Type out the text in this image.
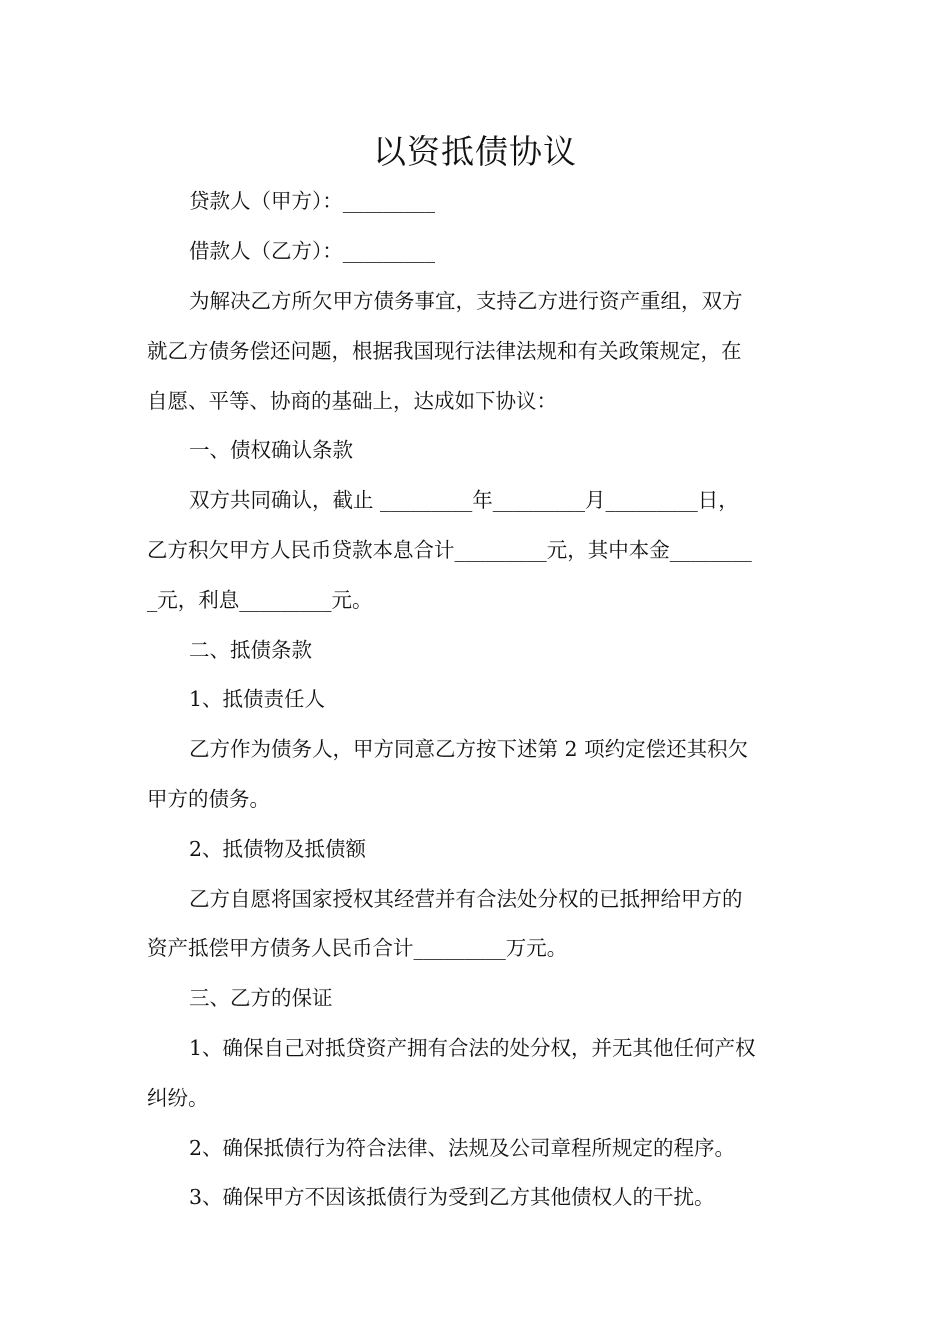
以资抵债协议

贷款人（甲方）：_________

借款人（乙方）：_________

为解决乙方所欠甲方债务事宜，支持乙方进行资产重组，双方

就乙方债务偿还问题，根据我国现行法律法规和有关政策规定，在

自愿、平等、协商的基础上，达成如下协议：

一、债权确认条款

双方共同确认，截止 _________年_________月_________日，

乙方积欠甲方人民币贷款本息合计_________元，其中本金________

_元，利息_________元。

二、抵债条款

1、抵债责任人

乙方作为债务人，甲方同意乙方按下述第 2 项约定偿还其积欠

甲方的债务。

2、抵债物及抵债额

乙方自愿将国家授权其经营并有合法处分权的已抵押给甲方的

资产抵偿甲方债务人民币合计_________万元。

三、乙方的保证

1、确保自己对抵贷资产拥有合法的处分权，并无其他任何产权

纠纷。

2、确保抵债行为符合法律、法规及公司章程所规定的程序。

3、确保甲方不因该抵债行为受到乙方其他债权人的干扰。
